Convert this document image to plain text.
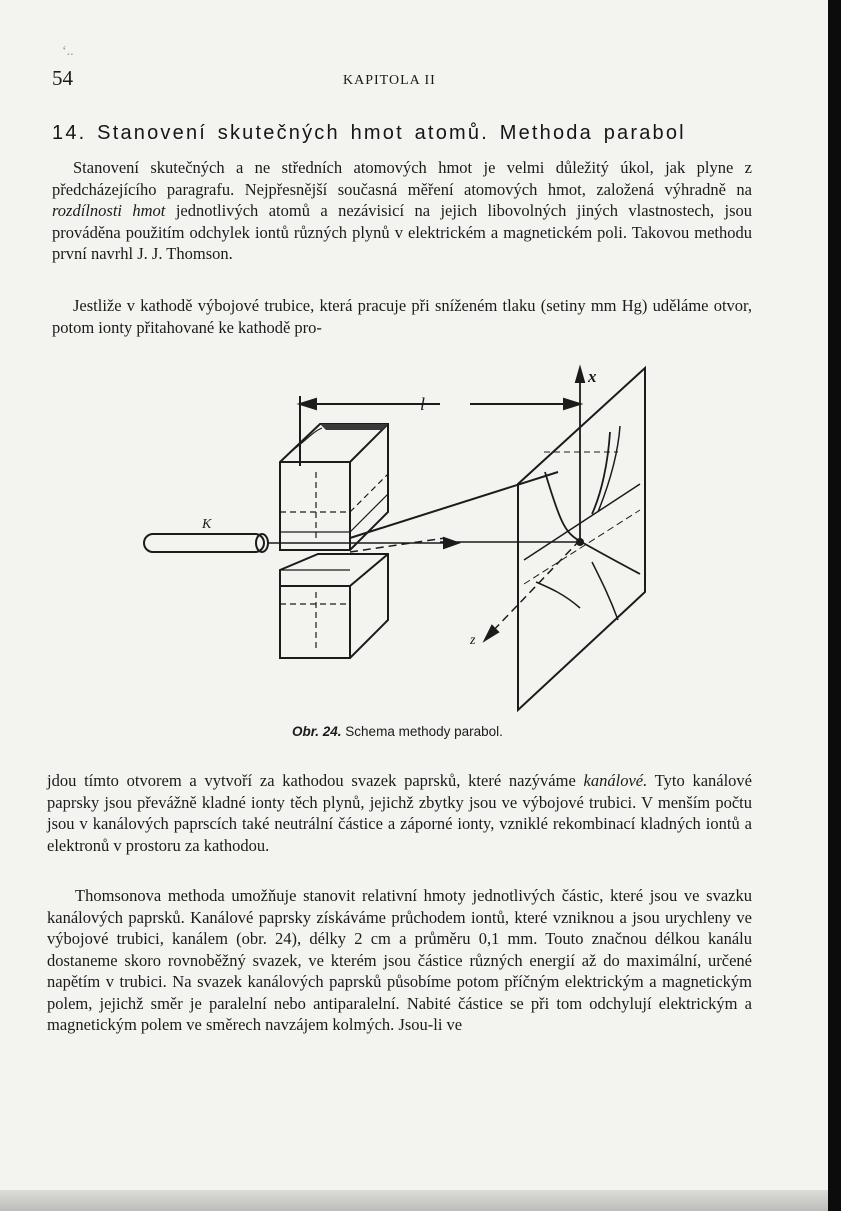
ʻ..
54	KAPITOLA II
14. Stanovení skutečných hmot atomů. Methoda parabol

Stanovení skutečných a ne středních atomových hmot je velmi důležitý úkol, jak plyne z předcházejícího paragrafu. Nejpřesnější současná měření atomových hmot, založená výhradně na rozdílnosti hmot jednotlivých atomů a nezávisicí na jejich libovolných jiných vlastnostech, jsou prováděna použitím odchylek iontů různých plynů v elektrickém a magnetickém poli. Takovou methodu první navrhl J. J. Thomson.

Jestliže v kathodě výbojové trubice, která pracuje při sníženém tlaku (setiny mm Hg) uděláme otvor, potom ionty přitahované ke kathodě pro-

K
l
x
z
Obr. 24. Schema methody parabol.

jdou tímto otvorem a vytvoří za kathodou svazek paprsků, které nazýváme kanálové. Tyto kanálové paprsky jsou převážně kladné ionty těch plynů, jejichž zbytky jsou ve výbojové trubici. V menším počtu jsou v kanálových paprscích také neutrální částice a záporné ionty, vzniklé rekombinací kladných iontů a elektronů v prostoru za kathodou.

Thomsonova methoda umožňuje stanovit relativní hmoty jednotlivých částic, které jsou ve svazku kanálových paprsků. Kanálové paprsky získáváme průchodem iontů, které vzniknou a jsou urychleny ve výbojové trubici, kanálem (obr. 24), délky 2 cm a průměru 0,1 mm. Touto značnou délkou kanálu dostaneme skoro rovnoběžný svazek, ve kterém jsou částice různých energií až do maximální, určené napětím v trubici. Na svazek kanálových paprsků působíme potom příčným elektrickým a magnetickým polem, jejichž směr je paralelní nebo antiparalelní. Nabité částice se při tom odchylují elektrickým a magnetickým polem ve směrech navzájem kolmých. Jsou-li ve
